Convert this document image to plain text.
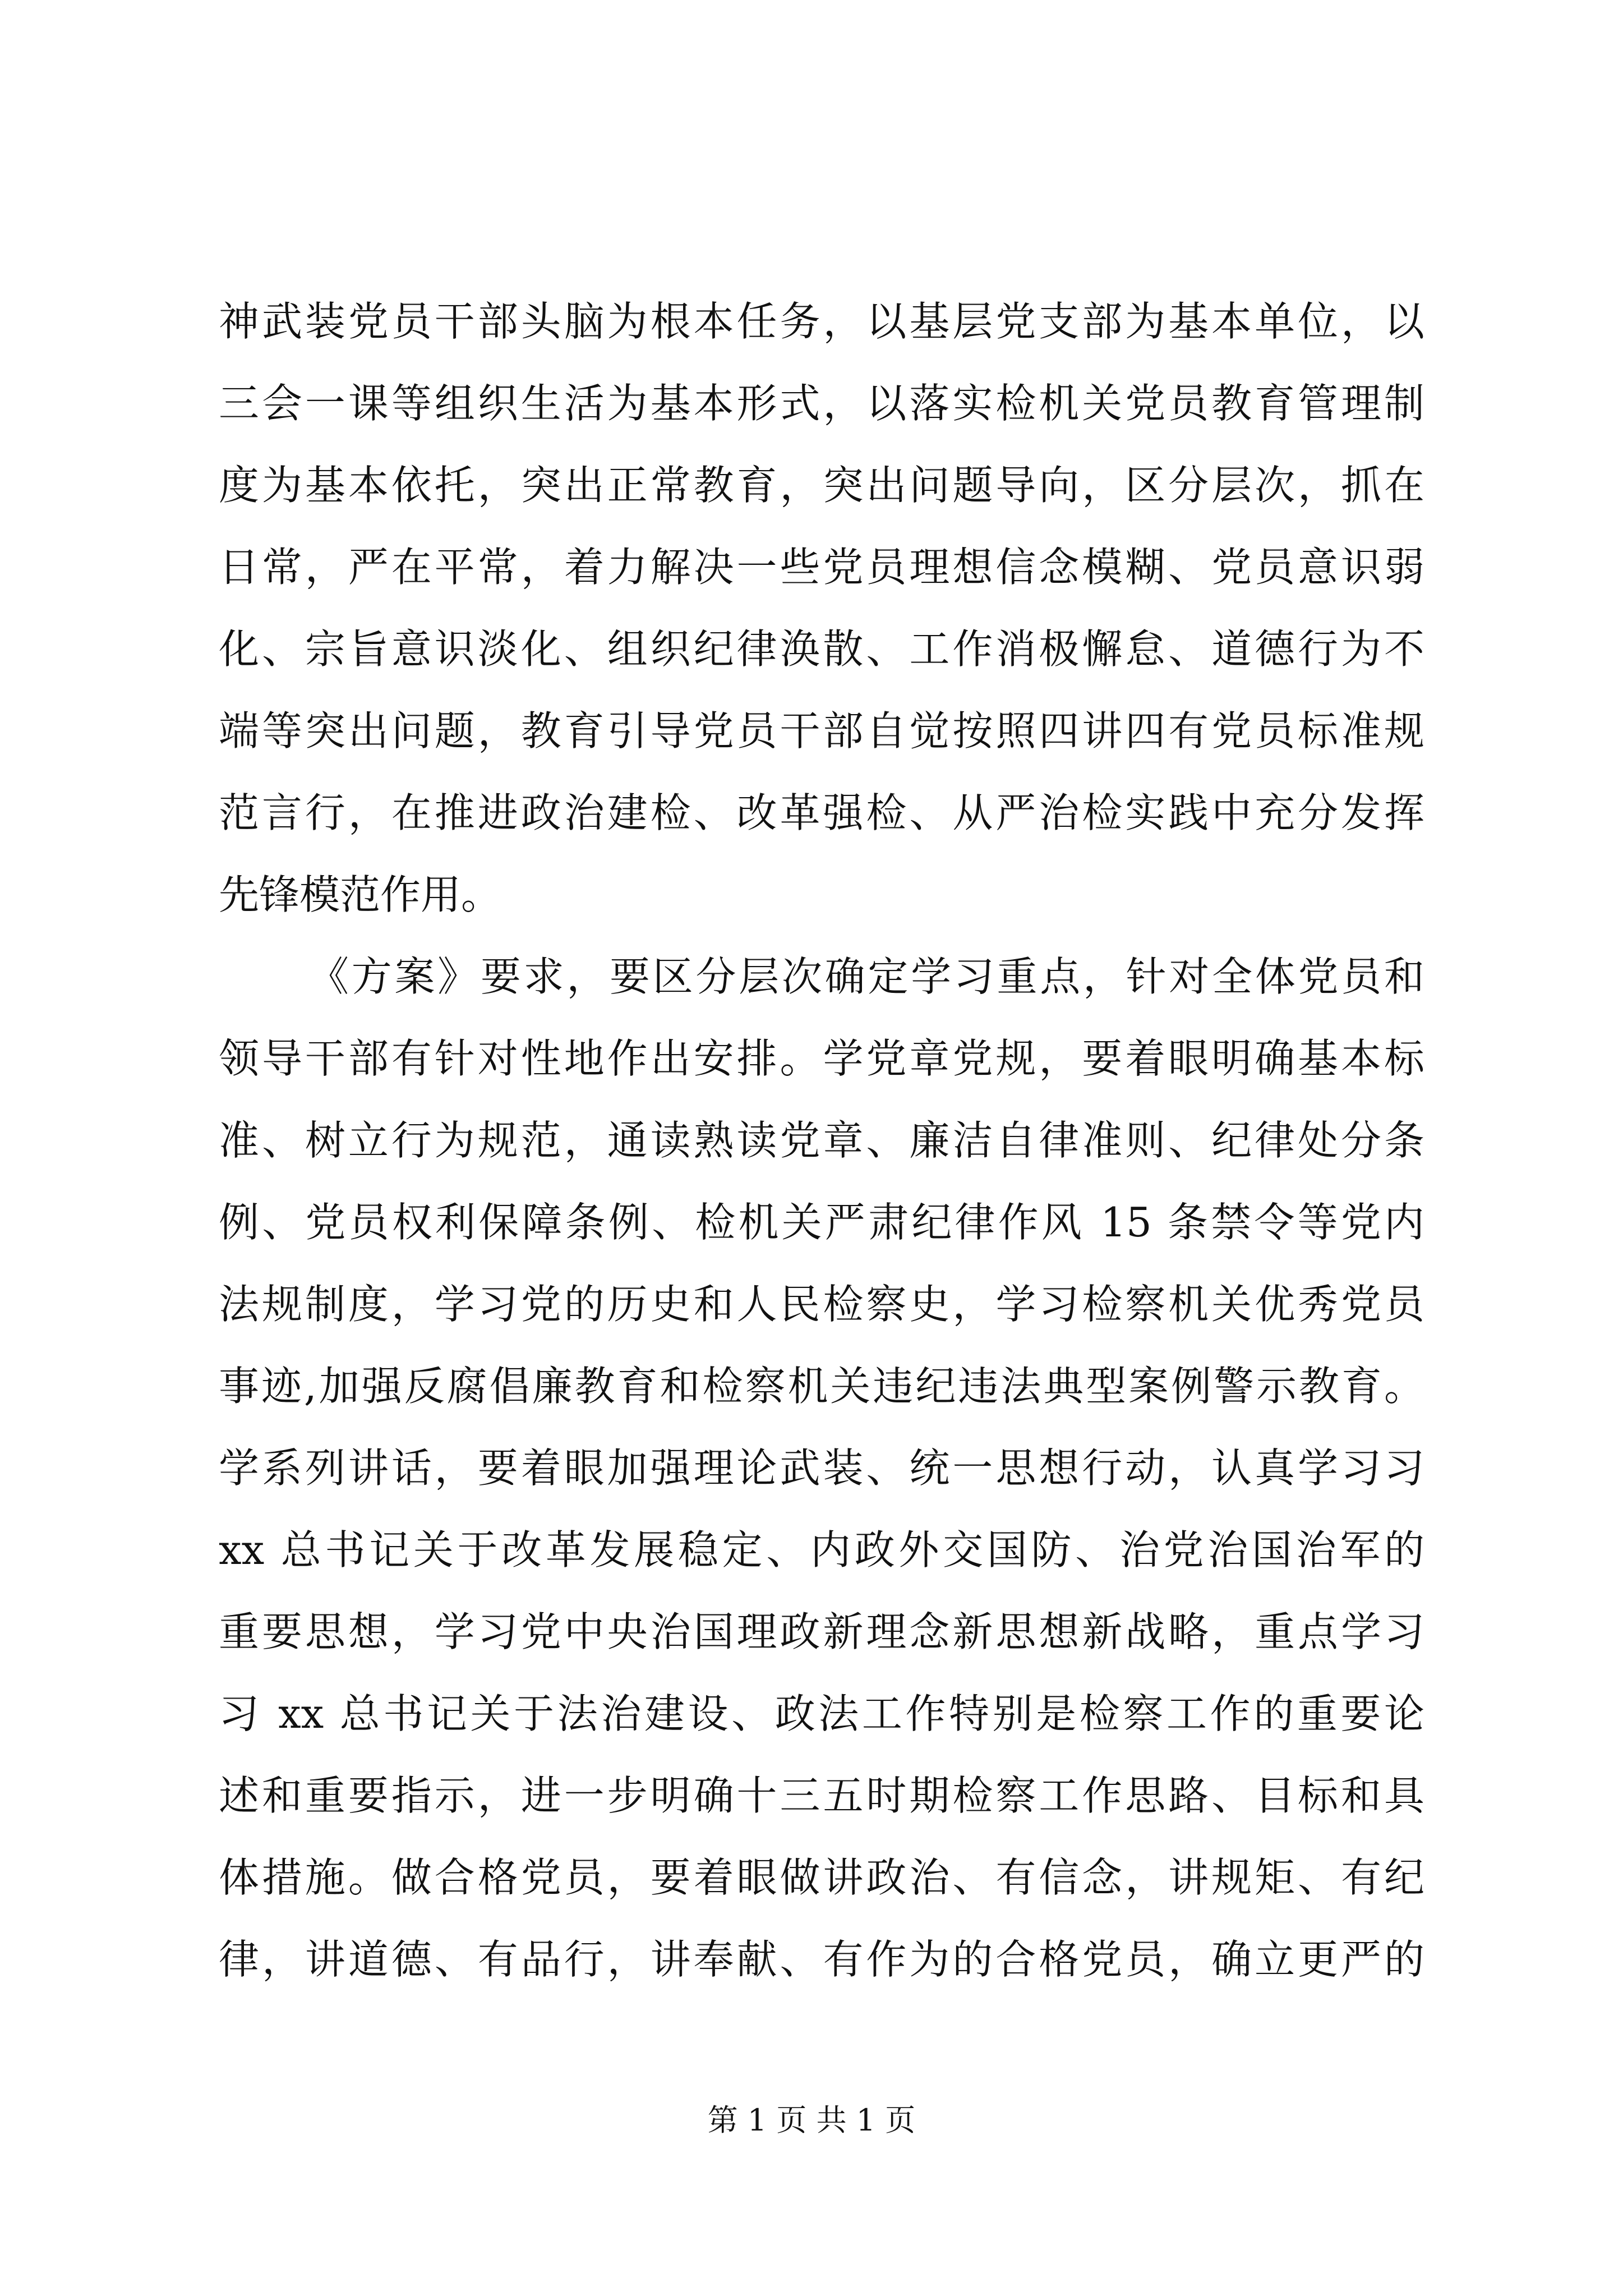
神武装党员干部头脑为根本任务，以基层党支部为基本单位，以
三会一课等组织生活为基本形式，以落实检机关党员教育管理制
度为基本依托，突出正常教育，突出问题导向，区分层次，抓在
日常，严在平常，着力解决一些党员理想信念模糊、党员意识弱
化、宗旨意识淡化、组织纪律涣散、工作消极懈怠、道德行为不
端等突出问题，教育引导党员干部自觉按照四讲四有党员标准规
范言行，在推进政治建检、改革强检、从严治检实践中充分发挥
先锋模范作用。
《方案》要求，要区分层次确定学习重点，针对全体党员和
领导干部有针对性地作出安排。学党章党规，要着眼明确基本标
准、树立行为规范，通读熟读党章、廉洁自律准则、纪律处分条
例、党员权利保障条例、检机关严肃纪律作风 15 条禁令等党内
法规制度，学习党的历史和人民检察史，学习检察机关优秀党员
事迹,加强反腐倡廉教育和检察机关违纪违法典型案例警示教育。
学系列讲话，要着眼加强理论武装、统一思想行动，认真学习习
xx 总书记关于改革发展稳定、内政外交国防、治党治国治军的
重要思想，学习党中央治国理政新理念新思想新战略，重点学习
习 xx 总书记关于法治建设、政法工作特别是检察工作的重要论
述和重要指示，进一步明确十三五时期检察工作思路、目标和具
体措施。做合格党员，要着眼做讲政治、有信念，讲规矩、有纪
律，讲道德、有品行，讲奉献、有作为的合格党员，确立更严的
第 1 页 共 1 页
